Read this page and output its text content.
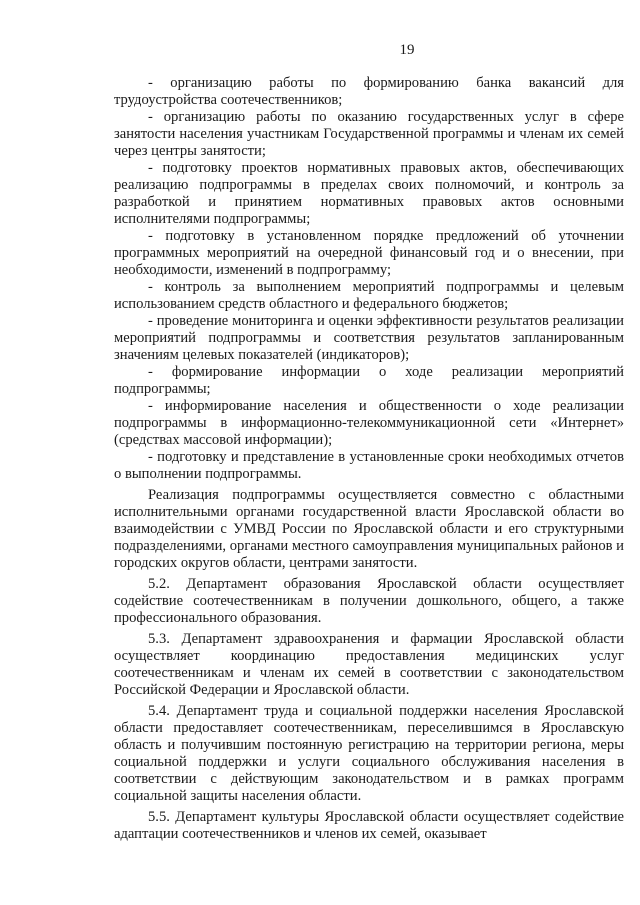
19

- организацию работы по формированию банка вакансий для трудоустройства соотечественников;

- организацию работы по оказанию государственных услуг в сфере занятости населения участникам Государственной программы и членам их семей через центры занятости;

- подготовку проектов нормативных правовых актов, обеспечивающих реализацию подпрограммы в пределах своих полномочий, и контроль за разработкой и принятием нормативных правовых актов основными исполнителями подпрограммы;

- подготовку в установленном порядке предложений об уточнении программных мероприятий на очередной финансовый год и о внесении, при необходимости, изменений в подпрограмму;

- контроль за выполнением мероприятий подпрограммы и целевым использованием средств областного и федерального бюджетов;

- проведение мониторинга и оценки эффективности результатов реализации мероприятий подпрограммы и соответствия результатов запланированным значениям целевых показателей (индикаторов);

- формирование информации о ходе реализации мероприятий подпрограммы;

- информирование населения и общественности о ходе реализации подпрограммы в информационно-телекоммуникационной сети «Интернет» (средствах массовой информации);

- подготовку и представление в установленные сроки необходимых отчетов о выполнении подпрограммы.

Реализация подпрограммы осуществляется совместно с областными исполнительными органами государственной власти Ярославской области во взаимодействии с УМВД России по Ярославской области и его структурными подразделениями, органами местного самоуправления муниципальных районов и городских округов области, центрами занятости.

5.2. Департамент образования Ярославской области осуществляет содействие соотечественникам в получении дошкольного, общего, а также профессионального образования.

5.3. Департамент здравоохранения и фармации Ярославской области осуществляет координацию предоставления медицинских услуг соотечественникам и членам их семей в соответствии с законодательством Российской Федерации и Ярославской области.

5.4. Департамент труда и социальной поддержки населения Ярославской области предоставляет соотечественникам, переселившимся в Ярославскую область и получившим постоянную регистрацию на территории региона, меры социальной поддержки и услуги социального обслуживания населения в соответствии с действующим законодательством и в рамках программ социальной защиты населения области.

5.5. Департамент культуры Ярославской области осуществляет содействие адаптации соотечественников и членов их семей, оказывает
